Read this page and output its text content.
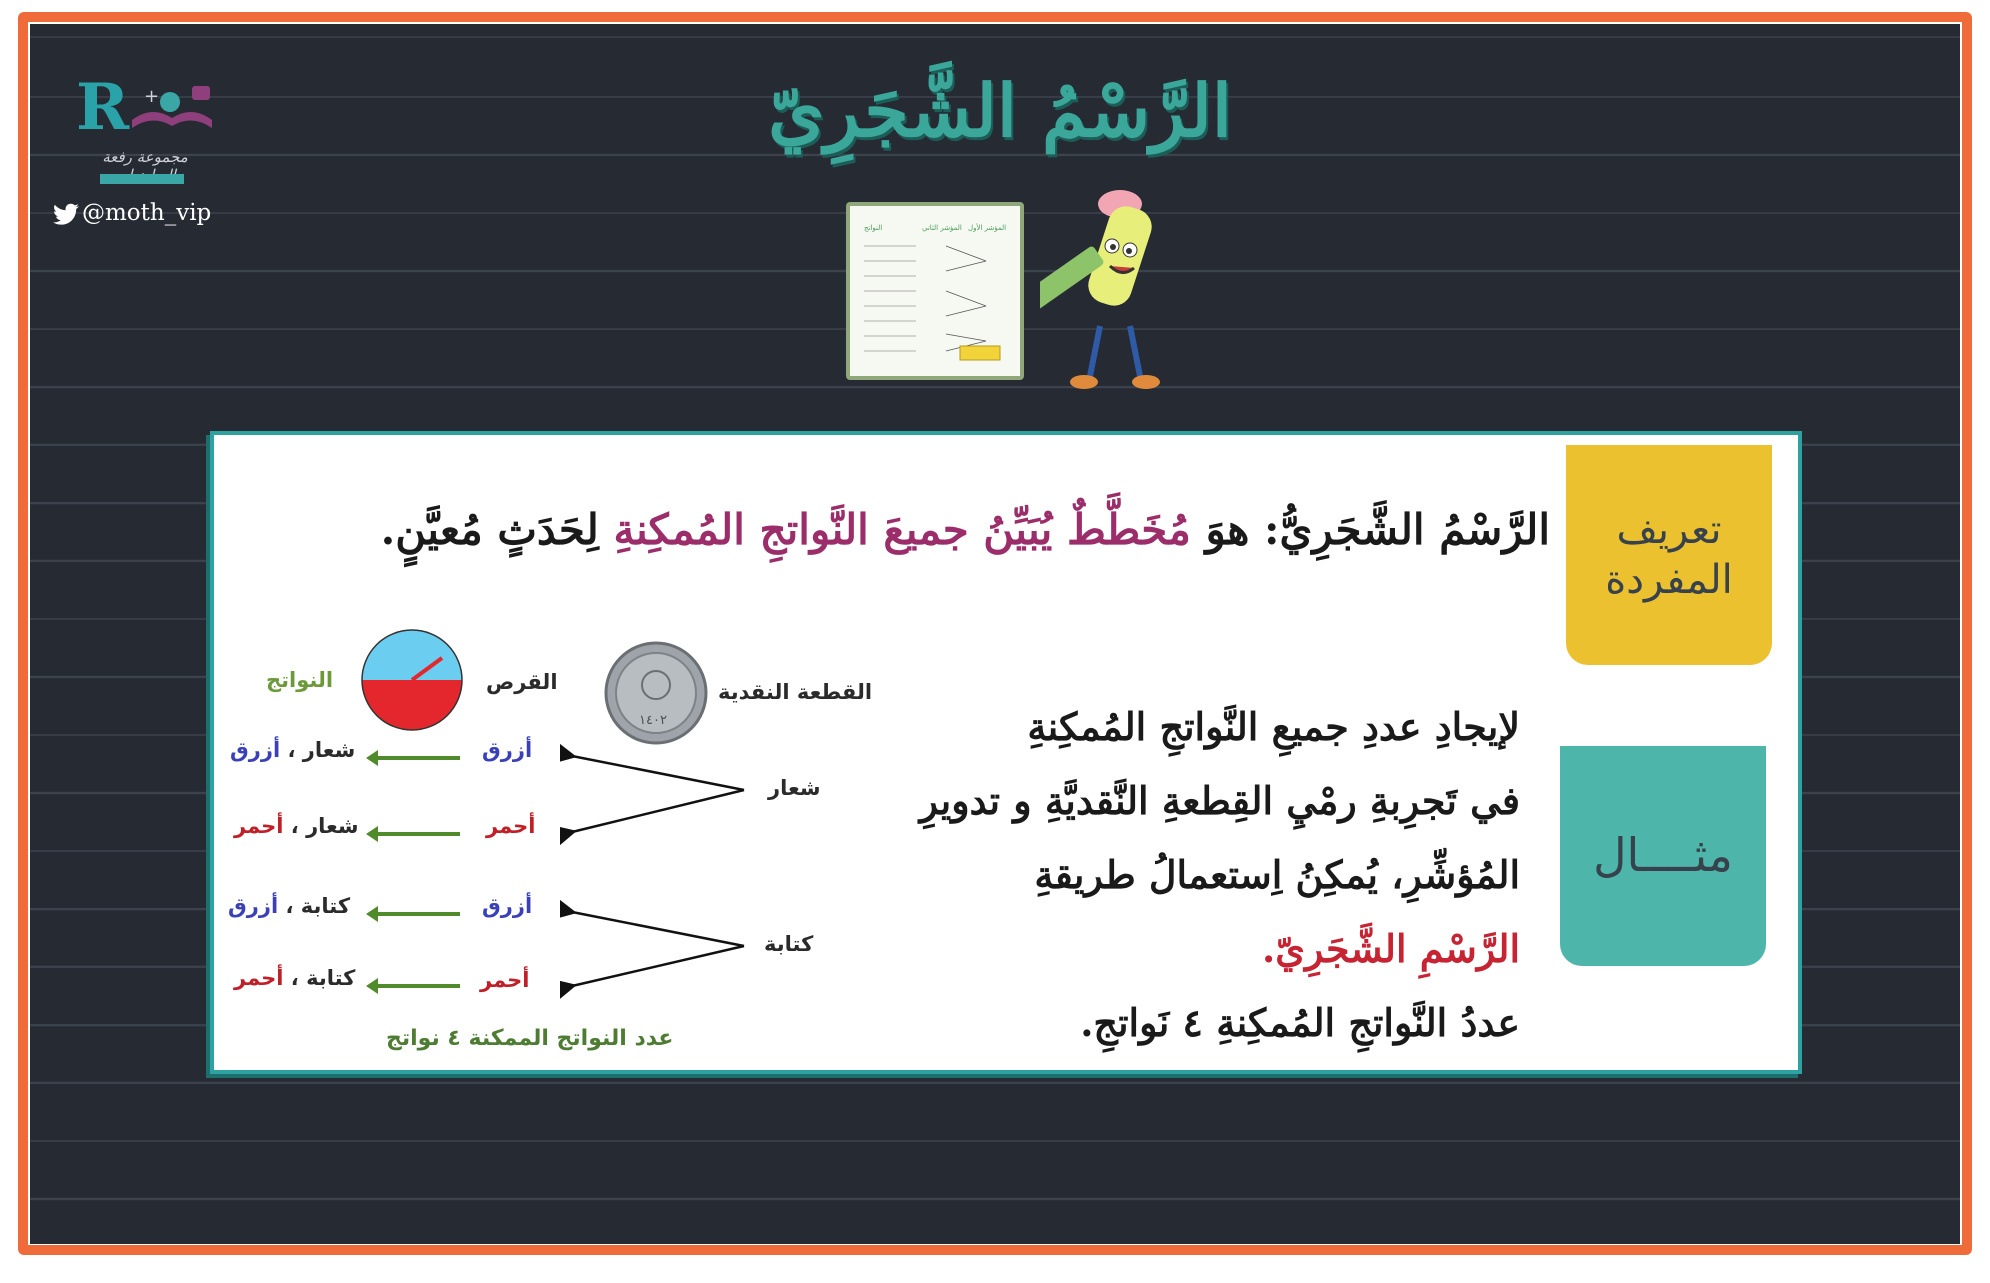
R +
مجموعة رفعة
@moth_vip
الرَّسْمُ الشَّجَرِيّ
النواتج	المؤشر الثاني المؤشر الأول
تعريف المفردة
مثــــال
الرَّسْمُ الشَّجَرِيُّ: هوَ مُخَطَّطٌ يُبَيِّنُ جميعَ النَّواتجِ المُمكِنةِ لِحَدَثٍ مُعيَّنٍ.
لإيجادِ عددِ جميعِ النَّواتجِ المُمكِنةِ
في تَجرِبةِ رمْيِ القِطعةِ النَّقديَّةِ و تدويرِ
المُؤشِّرِ، يُمكِنُ اِستعمالُ طريقةِ
الرَّسْمِ الشَّجَرِيّ.
عددُ النَّواتجِ المُمكِنةِ ٤ نَواتجِ.
القطعة النقدية
١٤٠٢
القرص
النواتج
شعار
كتابة
أزرق
أحمر
أزرق
أحمر
شعار ، أزرق
شعار ، أحمر
كتابة ، أزرق
كتابة ، أحمر
عدد النواتج الممكنة ٤ نواتج
